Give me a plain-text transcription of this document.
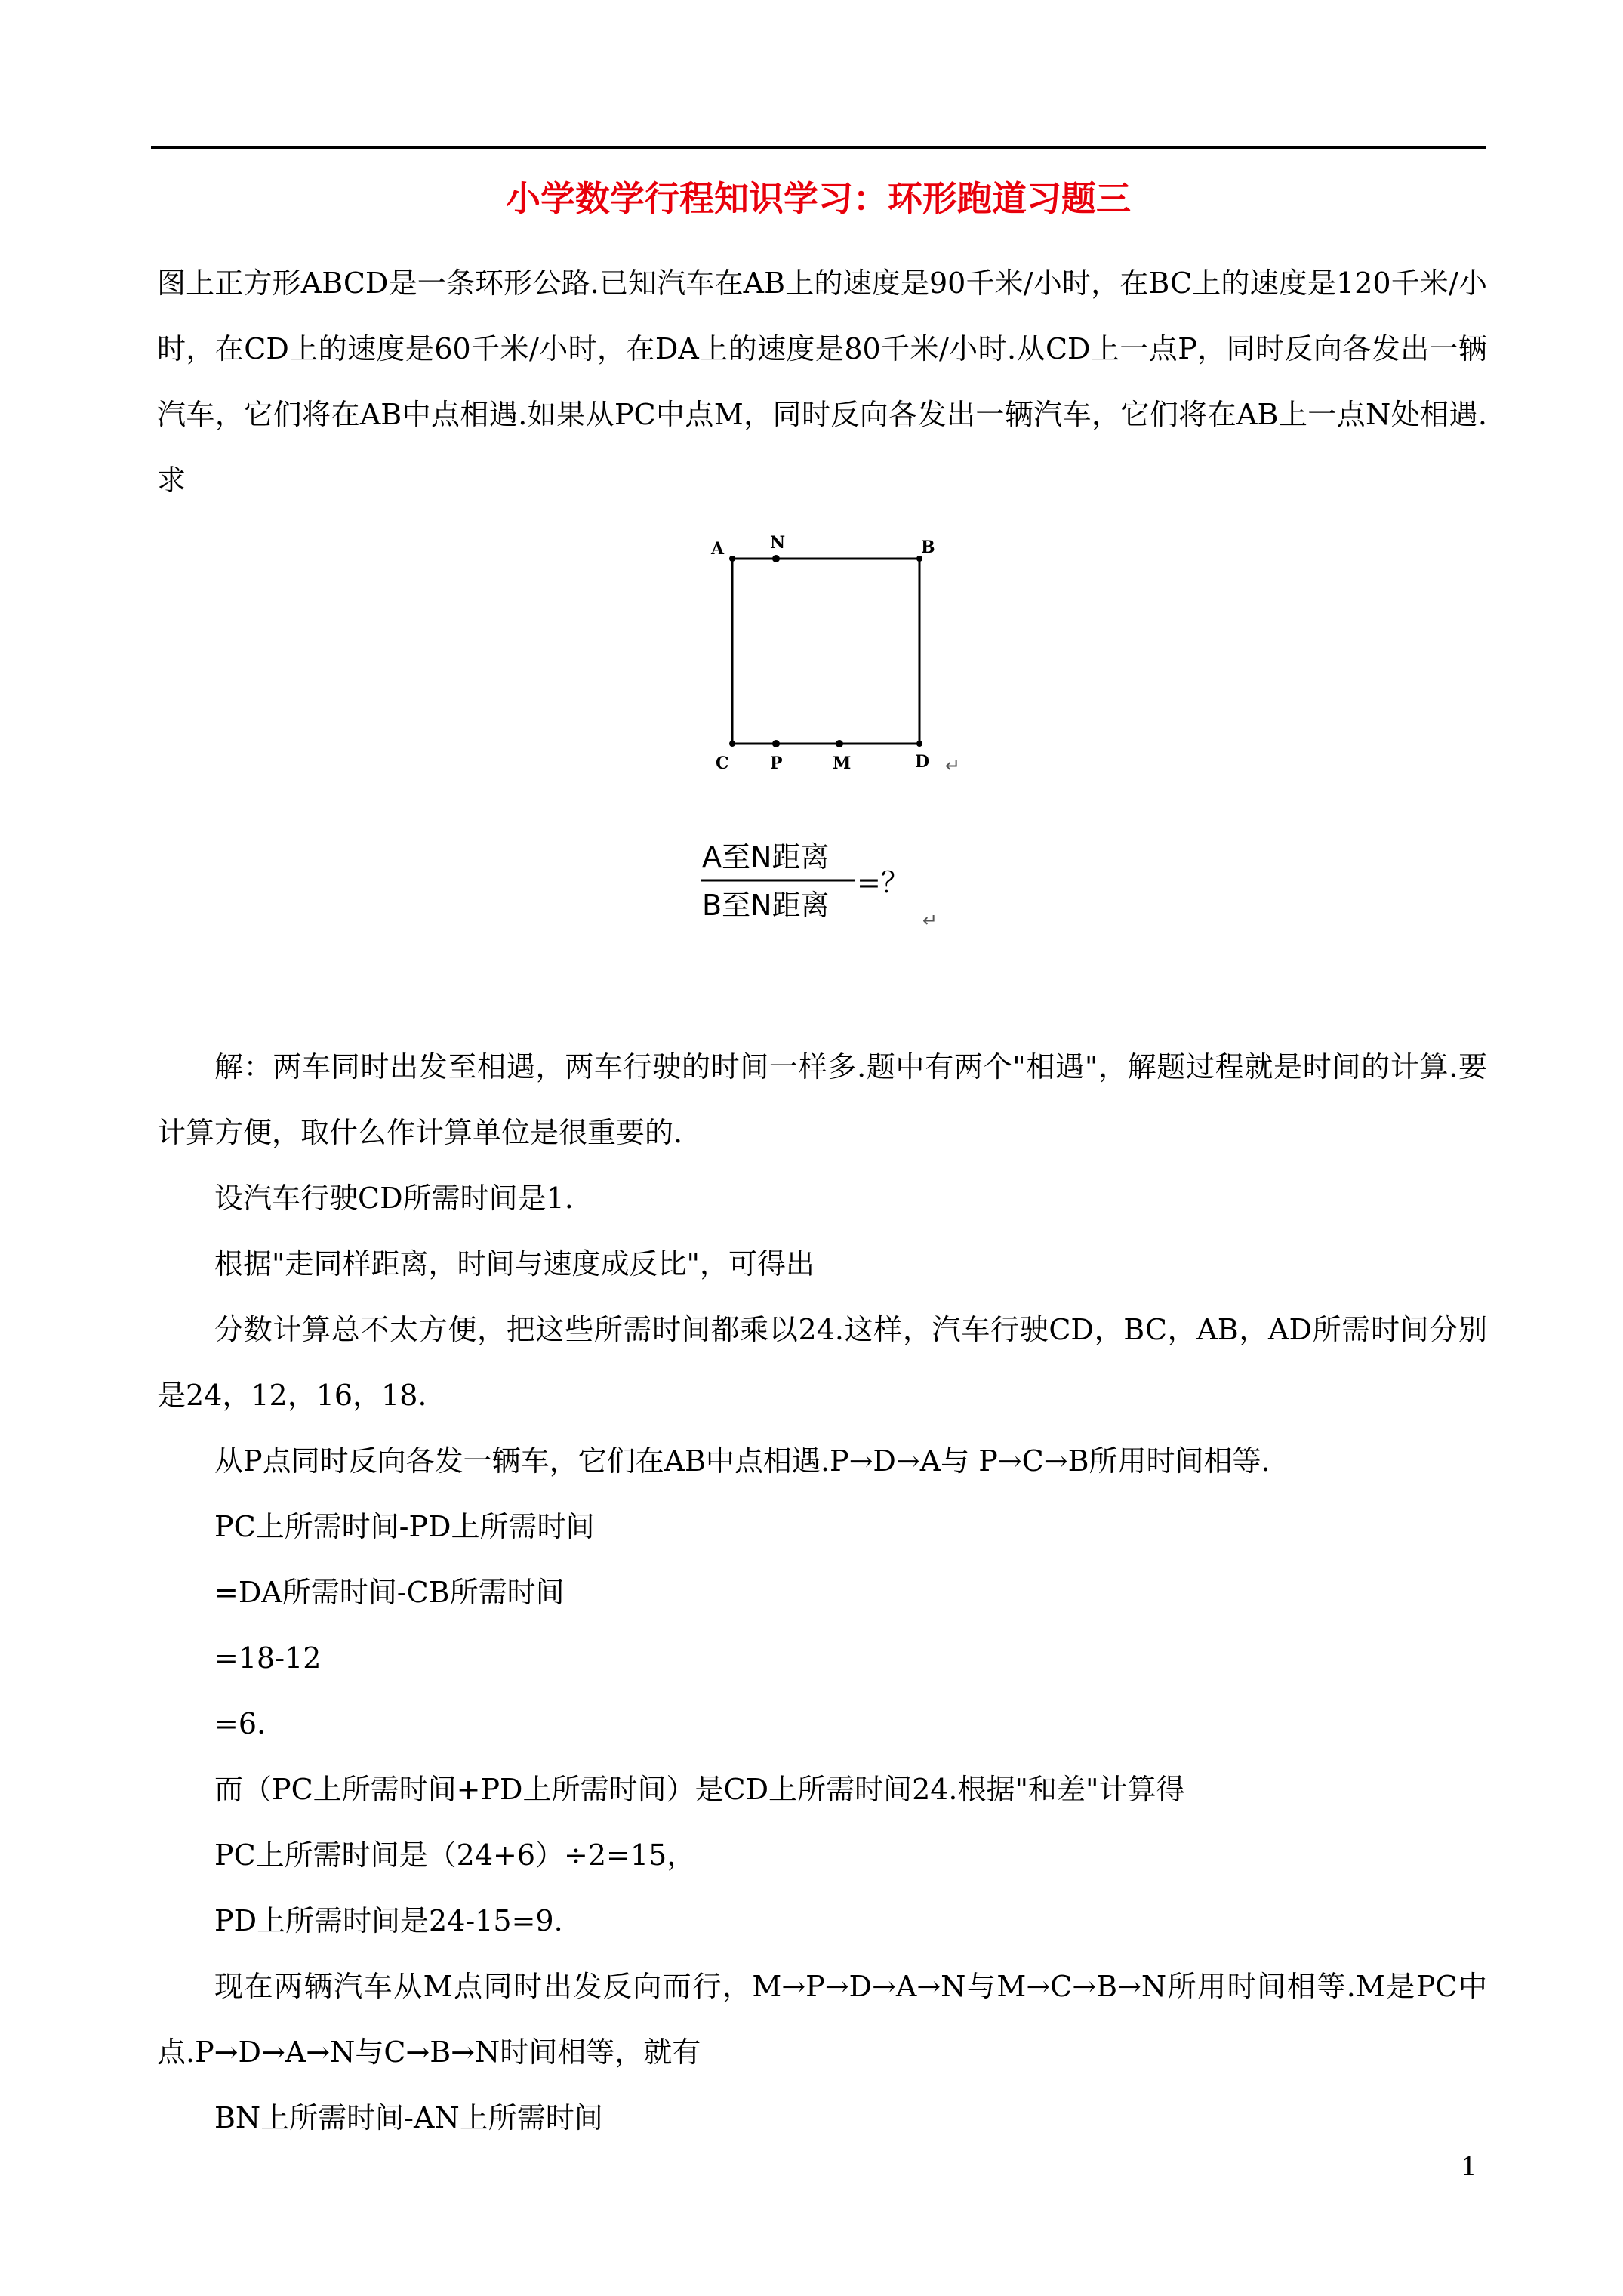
小学数学行程知识学习：环形跑道习题三
图上正方形ABCD是一条环形公路.已知汽车在AB上的速度是90千米/小时，在BC上的速度是120千米/小时，在CD上的速度是60千米/小时，在DA上的速度是80千米/小时.从CD上一点P，同时反向各发出一辆汽车，它们将在AB中点相遇.如果从PC中点M，同时反向各发出一辆汽车，它们将在AB上一点N处相遇.求
A	N	B
C P	M	D ↵
A至N距离
B至N距离
=？
↵

解：两车同时出发至相遇，两车行驶的时间一样多.题中有两个"相遇"，解题过程就是时间的计算.要计算方便，取什么作计算单位是很重要的.

设汽车行驶CD所需时间是1.

根据"走同样距离，时间与速度成反比"，可得出

分数计算总不太方便，把这些所需时间都乘以24.这样，汽车行驶CD，BC，AB，AD所需时间分别是24，12，16，18.

从P点同时反向各发一辆车，它们在AB中点相遇.P→D→A与 P→C→B所用时间相等.

PC上所需时间-PD上所需时间

=DA所需时间-CB所需时间

=18-12

=6.

而（PC上所需时间+PD上所需时间）是CD上所需时间24.根据"和差"计算得

PC上所需时间是（24+6）÷2=15，

PD上所需时间是24-15=9.

现在两辆汽车从M点同时出发反向而行，M→P→D→A→N与M→C→B→N所用时间相等.M是PC中点.P→D→A→N与C→B→N时间相等，就有

BN上所需时间-AN上所需时间

1
